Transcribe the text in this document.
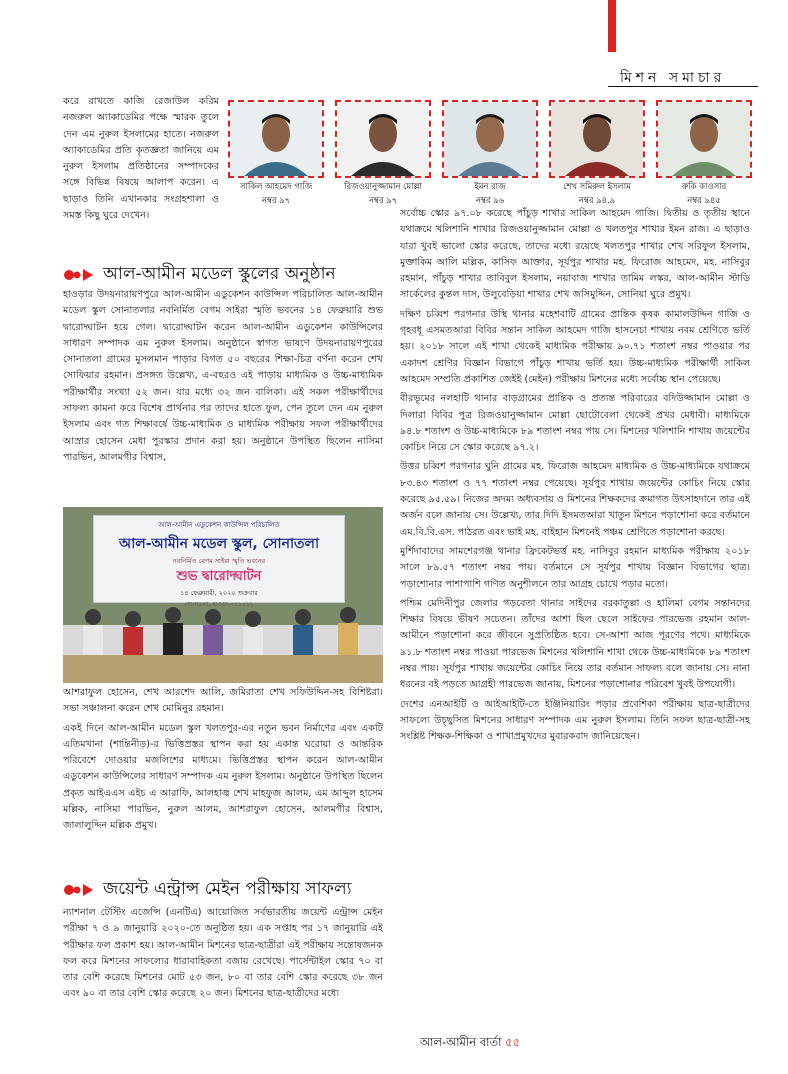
মিশন সমাচার

করে রাখতে কাজি রেজাউল করিম নজরুল অ্যাকাডেমির পক্ষে স্মারক তুলে দেন এম নুরুল ইসলামের হাতে। নজরুল অ্যাকাডেমির প্রতি কৃতজ্ঞতা জানিয়ে এম নুরুল ইসলাম প্রতিষ্ঠানের সম্পাদকের সঙ্গে বিভিন্ন বিষয়ে আলাপ করেন। এ ছাড়াও তিনি এখানকার সংগ্রহশালা ও সমস্ত কিছু ঘুরে দেখেন।

সাকিল আহমেদ গাজি
নম্বর ৯৭
রিজওয়ানুজ্জামান মোল্লা
নম্বর ৯৭
ইমন রাজ
নম্বর ৯৬
শেখ সমিরুল ইসলাম
নম্বর ৯৪.৯
রুকি কাওসার
নম্বর ৯৪৫
আল-আমীন মডেল স্কুলের অনুষ্ঠান

হাওড়ার উদয়নারায়ণপুরে আল-আমীন এডুকেশন কাউন্সিল পরিচালিত আল-আমীন মডেল স্কুল সোনাতলার নবনির্মিত বেগম সাইরা স্মৃতি ভবনের ১৪ ফেব্রুয়ারি শুভ দ্বারোদ্ঘাটন হয়ে গেল। দ্বারোদ্ঘাটন করেন আল-আমীন এডুকেশন কাউন্সিলের সাধারণ সম্পাদক এম নুরুল ইসলাম। অনুষ্ঠানে স্বাগত ভাষণে উদয়নারায়ণপুরের সোনাতলা গ্রামের মুসলমান পাড়ার বিগত ৫০ বছরের শিক্ষা-চিত্র বর্ণনা করেন শেখ সোফিয়ার রহমান। প্রসঙ্গত উল্লেখ্য, এ-বছরও এই পাড়ায় মাধ্যমিক ও উচ্চ-মাধ্যমিক পরীক্ষার্থীর সংখ্যা ৫২ জন। যার মধ্যে ৩২ জন বালিকা। এই সকল পরীক্ষার্থীদের সাফল্য কামনা করে বিশেষ প্রার্থনার পর তাদের হাতে ফুল, পেন তুলে দেন এম নুরুল ইসলাম এবং গত শিক্ষাবর্ষে উচ্চ-মাধ্যমিক ও মাধ্যমিক পরীক্ষায় সফল পরীক্ষার্থীদের আস্রার হোসেন মেধা পুরস্কার প্রদান করা হয়। অনুষ্ঠানে উপস্থিত ছিলেন নাসিমা পারভিন, আলমগীর বিশ্বাস,

আল-আমীন এডুকেশন কাউন্সিল পরিচালিত
আল-আমীন মডেল স্কুল, সোনাতলা
নবনির্মিত বেগম সাইরা স্মৃতি ভবনের
শুভ দ্বারোদ্ঘাটন
১৪ ফেব্রুয়ারী, ২০২০ শুক্রবার
সোনাতলা, হাওড়া-৭১১৪১২

আশরাফুল হোসেন, শেখ আরশেদ আলি, জমিরাতা শেখ সফিউদ্দিন-সহ বিশিষ্টরা। সভা সঞ্চালনা করেন শেখ মোমিনুর রহমান।

একই দিনে আল-আমীন মডেল স্কুল খলতপুর-এর নতুন ভবন নির্মাণের এবং একটি এতিমখানা (শান্তিনীড়)-র ভিত্তিপ্রস্তর স্থাপন করা হয় একান্ত ঘরোয়া ও আন্তরিক পরিবেশে দোওয়ার মজলিশের মাধ্যমে। ভিত্তিপ্রস্তর স্থাপন করেন আল-আমীন এডুকেশন কাউন্সিলের সাধারণ সম্পাদক এম নুরুল ইসলাম। অনুষ্ঠানে উপস্থিত ছিলেন প্রকৃত আইএএস এইচ এ আরাফি, আলহাজ্ব শেখ মাহফুজ আলম, এম আব্দুল হাসেম মল্লিক, নাসিমা পারভিন, নুরুল আলম, আশরাফুল হোসেন, আলমগীর বিশ্বাস, জালালুদ্দিন মল্লিক প্রমুখ।

জয়েন্ট এন্ট্রান্স মেইন পরীক্ষায় সাফল্য

ন্যাশনাল টেস্টিং এজেন্সি (এনটিএ) আয়োজিত সর্বভারতীয় জয়েন্ট এন্ট্রান্স মেইন পরীক্ষা ৭ ও ৯ জানুয়ারি ২০২০-তে অনুষ্ঠিত হয়। এক সপ্তাহ পর ১৭ জানুয়ারি এই পরীক্ষার ফল প্রকাশ হয়। আল-আমীন মিশনের ছাত্র-ছাত্রীরা এই পরীক্ষায় সন্তোষজনক ফল করে মিশনের সাফল্যের ধারাবাহিকতা বজায় রেখেছে। পার্সেন্টাইল স্কোর ৭০ বা তার বেশি করেছে মিশনের মোট ৫৩ জন, ৮০ বা তার বেশি স্কোর করেছে ৩৮ জন এবং ৯০ বা তার বেশি স্কোর করেছে ২০ জন। মিশনের ছাত্র-ছাত্রীদের মধ্যে

সর্বোচ্চ স্কোর ৯৭.০৮ করেছে পাঁচুড় শাখার সাকিল আহমেদ গাজি। দ্বিতীয় ও তৃতীয় স্থানে যথাক্রমে খলিশানি শাখার রিজওয়ানুজ্জামান মোল্লা ও খলতপুর শাখার ইমন রাজ। এ ছাড়াও যারা খুবই ভালো স্কোর করেছে, তাদের মধ্যে রয়েছে খলতপুর শাখার শেখ সরিফুল ইসলাম, মুক্তাকিম আলি মল্লিক, কাসিফ আক্তার, সূর্যপুর শাখার মহ. ফিরোজ আহমেদ, মহ. নাসিবুর রহমান, পাঁচুড় শাখার তাবিবুল ইসলাম, নয়াবাজ শাখার তামিম লস্কর, আল-আমীন স্টাডি সার্কেলের কুন্তল দাস, উলুবেড়িয়া শাখার শেখ জসিমুদ্দিন, সোনিয়া ঘুরে প্রমুখ।

দক্ষিণ চব্বিশ পরগনার উস্থি থানার মহেশবাটি গ্রামের প্রান্তিক কৃষক কামালউদ্দিন গাজি ও গৃহবধূ এসমতআরা বিবির সন্তান সাকিল আহমেদ গাজি হাসনেচা শাখায় নবম শ্রেণিতে ভর্তি হয়। ২০১৮ সালে এই শাখা থেকেই মাধ্যমিক পরীক্ষায় ৯০.৭১ শতাংশ নম্বর পাওয়ার পর একাদশ শ্রেণির বিজ্ঞান বিভাগে পাঁচুড় শাখায় ভর্তি হয়। উচ্চ-মাধ্যমিক পরীক্ষার্থী সাকিল আহমেদ সম্প্রতি প্রকাশিত জেইই (মেইন) পরীক্ষায় মিশনের মধ্যে সর্বোচ্চ স্থান পেয়েছে।

বীরভূমের নলহাটি থানার বাড়গ্রামের প্রান্তিক ও প্রত্যন্ত পরিবারের বদিউজ্জামান মোল্লা ও দিলারা বিবির পুত্র রিজওয়ানুজ্জামান মোল্লা ছোটোবেলা থেকেই প্রখর মেধাবী। মাধ্যমিকে ৯৪.৮ শতাংশ ও উচ্চ-মাধ্যমিকে ৮৯ শতাংশ নম্বর পায় সে। মিশনের খলিশানি শাখায় জয়েন্টের কোচিং নিয়ে সে স্কোর করেছে ৯৭.২।

উত্তর চব্বিশ পরগনার ঘুনি গ্রামের মহ. ফিরোজ আহমেদ মাধ্যমিক ও উচ্চ-মাধ্যমিকে যথাক্রমে ৮৩.৪৩ শতাংশ ও ৭৭ শতাংশ নম্বর পেয়েছে। সূর্যপুর শাখায় জয়েন্টের কোচিং নিয়ে স্কোর করেছে ৯৫.৫৯। নিজের অদম্য অধ্যবসায় ও মিশনের শিক্ষকদের ক্রমাগত উৎসাহদানে তার এই অর্জন বলে জানায় সে। উল্লেখ্য, তার দিদি ইসমতআরা খাতুন মিশনে পড়াশোনা করে বর্তমানে এম.বি.বি.এস. পাঠরত এবং ভাই মহ. বাইহান মিশনেই পঞ্চম শ্রেণিতে পড়াশোনা করছে।

মুর্শিদাবাদের সামশেরগঞ্জ থানার ফ্রিকেটভর্ত্ত মহ. নাসিবুর রহমান মাধ্যমিক পরীক্ষায় ২০১৮ সালে ৮৯.৫৭ শতাংশ নম্বর পায়। বর্তমানে সে সূর্যপুর শাখায় বিজ্ঞান বিভাগের ছাত্র। পড়াশোনার পাশাপাশি গণিত অনুশীলনে তার আগ্রহ চোখে পড়ার মতো।

পশ্চিম মেদিনীপুর জেলার গড়বেতা থানার সাইদের বরকাতুল্লা ও হালিমা বেগম সন্তানদের শিক্ষার বিষয়ে ভীষণ সচেতন। তাঁদের আশা ছিল ছেলে সাইফের পারভেজ রহমান আল-আমীনে পড়াশোনা করে জীবনে সুপ্রতিষ্ঠিত হবে। সে-আশা আজ পূরণের পথে। মাধ্যমিকে ৯১.৮ শতাংশ নম্বর পাওয়া পারভেজ মিশনের খলিশানি শাখা থেকে উচ্চ-মাধ্যমিকে ৮৯ শতাংশ নম্বর পায়। সূর্যপুর শাখায় জয়েন্টের কোচিং নিয়ে তার বর্তমান সাফল্য বলে জানায় সে। নানা ধরনের বই পড়তে আগ্রহী পারভেজ জানায়, মিশনের পড়াশোনার পরিবেশ খুবই উপযোগী।

দেশের এনআইটি ও আইআইটি-তে ইঞ্জিনিয়ারিং পড়ার প্রবেশিকা পরীক্ষায় ছাত্র-ছাত্রীদের সাফল্যে উচ্ছ্বসিত মিশনের সাধারণ সম্পাদক এম নুরুল ইসলাম। তিনি সফল ছাত্র-ছাত্রী-সহ সংশ্লিষ্ট শিক্ষক-শিক্ষিকা ও শাখাপ্রমুখদের মুবারকবাদ জানিয়েছেন।

আল-আমীন বার্তা ৫৫
